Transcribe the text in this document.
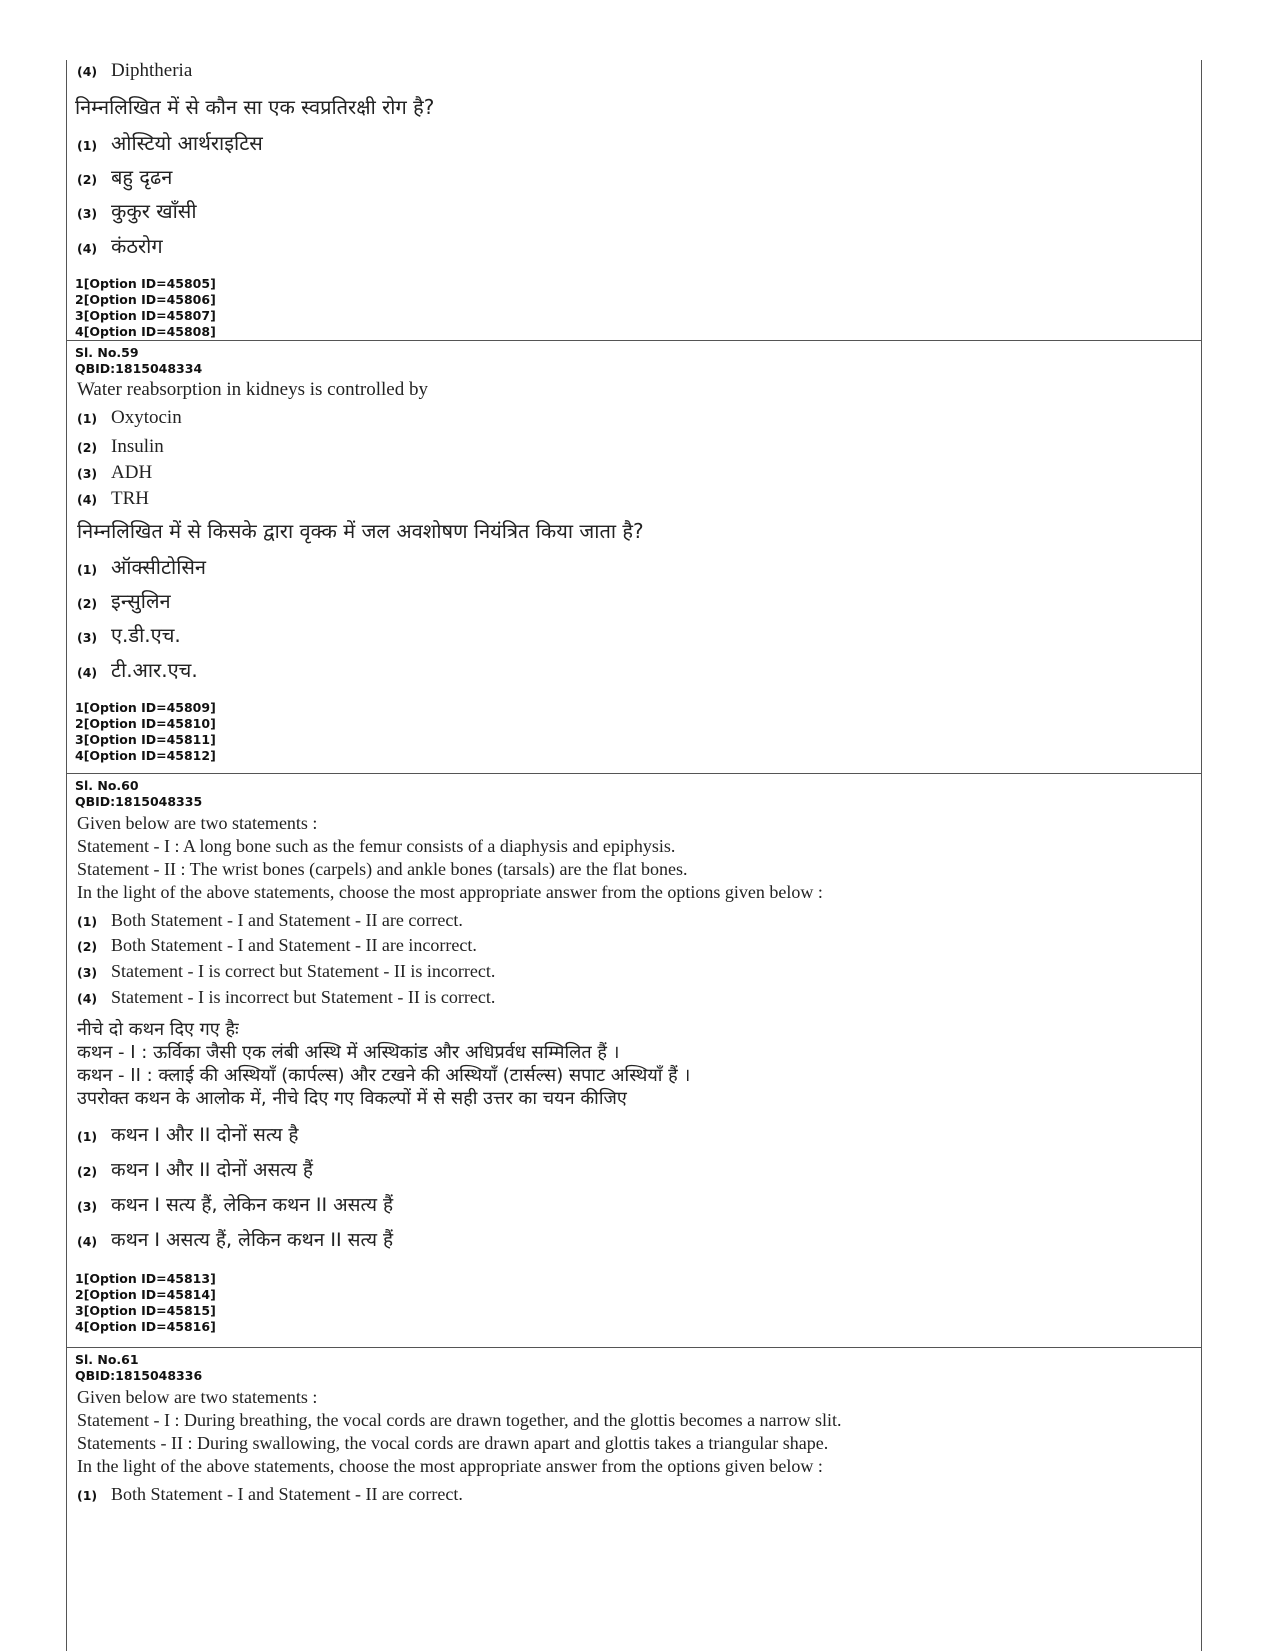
(4) Diphtheria
निम्नलिखित में से कौन सा एक स्वप्रतिरक्षी रोग है?
(1) ओस्टियो आर्थराइटिस
(2) बहु दृढन
(3) कुकुर खाँसी
(4) कंठरोग
1[Option ID=45805]
2[Option ID=45806]
3[Option ID=45807]
4[Option ID=45808]
Sl. No.59
QBID:1815048334
Water reabsorption in kidneys is controlled by
(1) Oxytocin
(2) Insulin
(3) ADH
(4) TRH
निम्नलिखित में से किसके द्वारा वृक्क में जल अवशोषण नियंत्रित किया जाता है?
(1) ऑक्सीटोसिन
(2) इन्सुलिन
(3) ए.डी.एच.
(4) टी.आर.एच.
1[Option ID=45809]
2[Option ID=45810]
3[Option ID=45811]
4[Option ID=45812]
Sl. No.60
QBID:1815048335
Given below are two statements :
Statement - I : A long bone such as the femur consists of a diaphysis and epiphysis.
Statement - II : The wrist bones (carpels) and ankle bones (tarsals) are the flat bones.
In the light of the above statements, choose the most appropriate answer from the options given below :
(1) Both Statement - I and Statement - II are correct.
(2) Both Statement - I and Statement - II are incorrect.
(3) Statement - I is correct but Statement - II is incorrect.
(4) Statement - I is incorrect but Statement - II is correct.
नीचे दो कथन दिए गए हैः
कथन - I : ऊर्विका जैसी एक लंबी अस्थि में अस्थिकांड और अधिप्रर्वध सम्मिलित हैं ।
कथन - II : क्लाई की अस्थियाँ (कार्पल्स) और टखने की अस्थियाँ (टार्सल्स) सपाट अस्थियाँ हैं ।
उपरोक्त कथन के आलोक में, नीचे दिए गए विकल्पों में से सही उत्तर का चयन कीजिए
(1) कथन I और II दोनों सत्य है
(2) कथन I और II दोनों असत्य हैं
(3) कथन I सत्य हैं, लेकिन कथन II असत्य हैं
(4) कथन I असत्य हैं, लेकिन कथन II सत्य हैं
1[Option ID=45813]
2[Option ID=45814]
3[Option ID=45815]
4[Option ID=45816]
Sl. No.61
QBID:1815048336
Given below are two statements :
Statement - I : During breathing, the vocal cords are drawn together, and the glottis becomes a narrow slit.
Statements - II : During swallowing, the vocal cords are drawn apart and glottis takes a triangular shape.
In the light of the above statements, choose the most appropriate answer from the options given below :
(1) Both Statement - I and Statement - II are correct.
